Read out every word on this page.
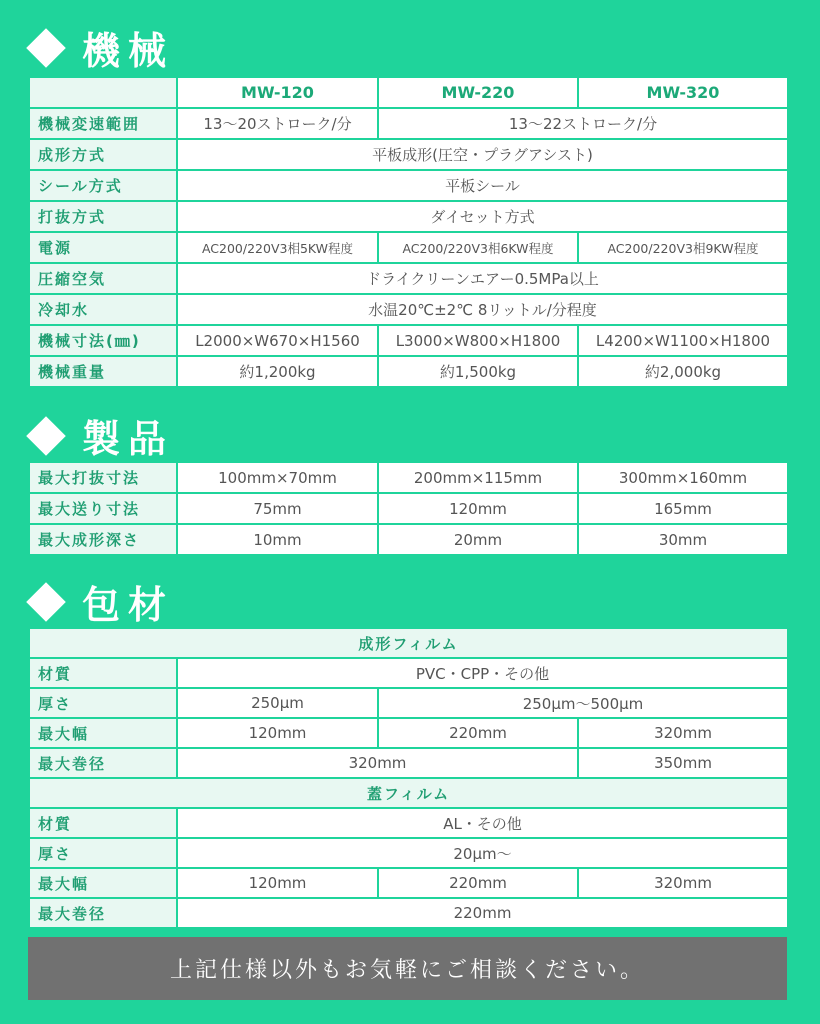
機械
	MW-120	MW-220	MW-320
機械変速範囲	13〜20ストローク/分	13〜22ストローク/分	
成形方式	平板成形(圧空・プラグアシスト)		
シール方式	平板シール		
打抜方式	ダイセット方式		
電源	AC200/220V3相5KW程度	AC200/220V3相6KW程度	AC200/220V3相9KW程度
圧縮空気	ドライクリーンエアー0.5MPa以上		
冷却水	水温20℃±2℃ 8リットル/分程度		
機械寸法(㎜)	L2000×W670×H1560	L3000×W800×H1800	L4200×W1100×H1800
機械重量	約1,200kg	約1,500kg	約2,000kg
製品
最大打抜寸法	100mm×70mm	200mm×115mm	300mm×160mm
最大送り寸法	75mm	120mm	165mm
最大成形深さ	10mm	20mm	30mm
包材
成形フィルム			
材質	PVC・CPP・その他		
厚さ	250μm	250μm〜500μm	
最大幅	120mm	220mm	320mm
最大巻径	320mm		350mm
蓋フィルム			
材質	AL・その他		
厚さ	20μm〜		
最大幅	120mm	220mm	320mm
最大巻径	220mm		
上記仕様以外もお気軽にご相談ください。
